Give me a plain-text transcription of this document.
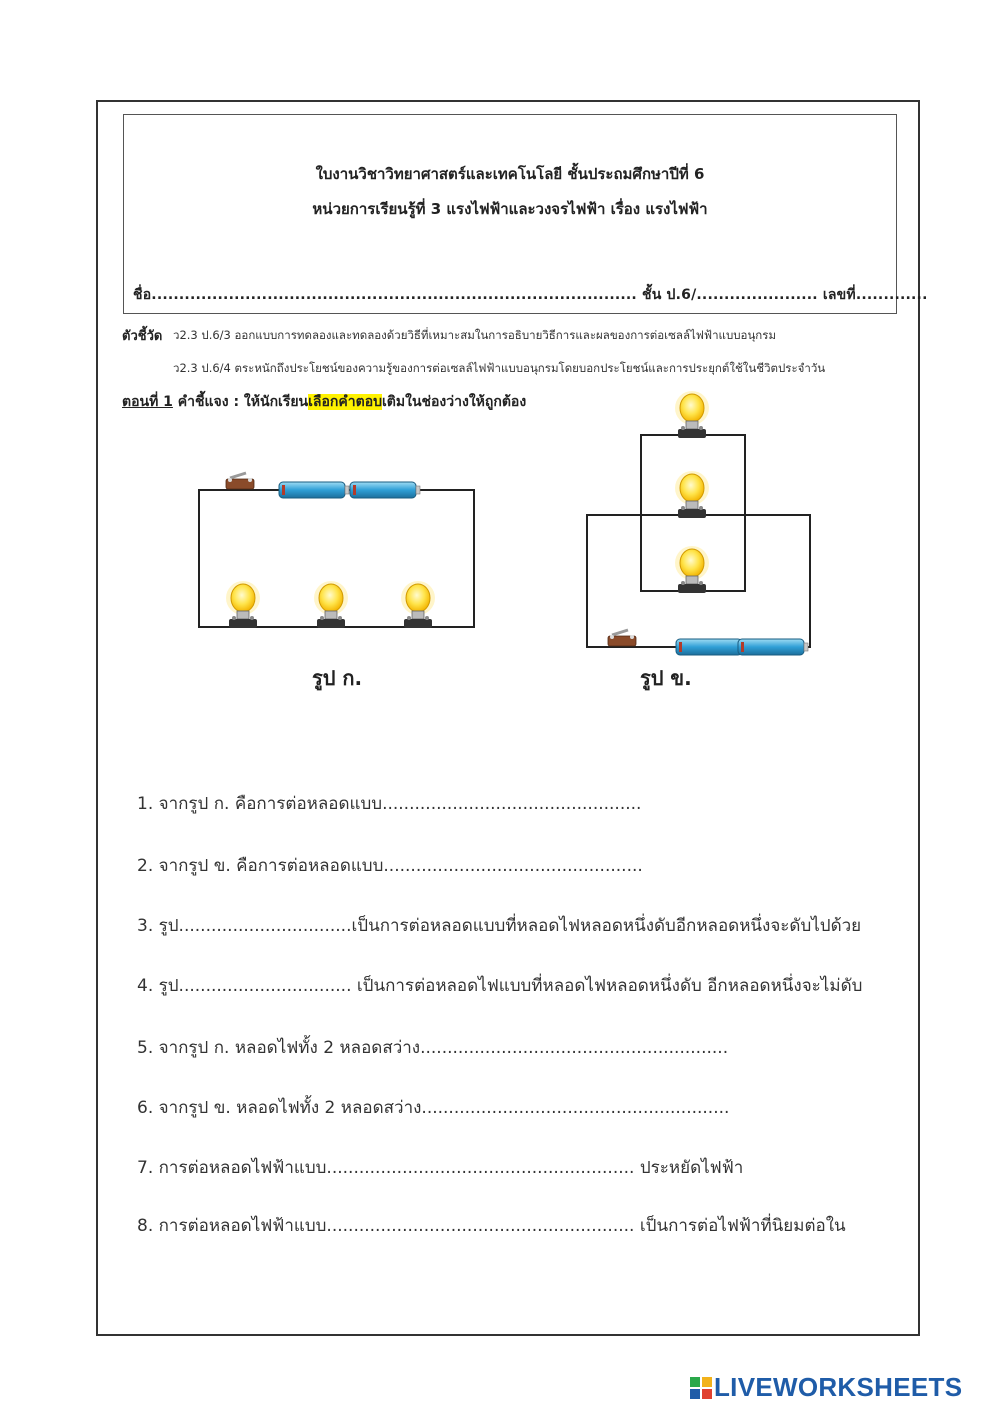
ใบงานวิชาวิทยาศาสตร์และเทคโนโลยี ชั้นประถมศึกษาปีที่ 6
หน่วยการเรียนรู้ที่ 3 แรงไฟฟ้าและวงจรไฟฟ้า เรื่อง แรงไฟฟ้า
ชื่อ........................................................................................ ชั้น ป.6/...................... เลขที่.............
ตัวชี้วัด ว2.3 ป.6/3 ออกแบบการทดลองและทดลองด้วยวิธีที่เหมาะสมในการอธิบายวิธีการและผลของการต่อเซลล์ไฟฟ้าแบบอนุกรม
ว2.3 ป.6/4 ตระหนักถึงประโยชน์ของความรู้ของการต่อเซลล์ไฟฟ้าแบบอนุกรมโดยบอกประโยชน์และการประยุกต์ใช้ในชีวิตประจำวัน
ตอนที่ 1 คำชี้แจง : ให้นักเรียนเลือกคำตอบเติมในช่องว่างให้ถูกต้อง
รูป ก.	รูป ข.
1. จากรูป ก. คือการต่อหลอดแบบ................................................
2. จากรูป ข. คือการต่อหลอดแบบ................................................
3. รูป................................เป็นการต่อหลอดแบบที่หลอดไฟหลอดหนึ่งดับอีกหลอดหนึ่งจะดับไปด้วย
4. รูป................................ เป็นการต่อหลอดไฟแบบที่หลอดไฟหลอดหนึ่งดับ อีกหลอดหนึ่งจะไม่ดับ
5. จากรูป ก. หลอดไฟทั้ง 2 หลอดสว่าง.........................................................
6. จากรูป ข. หลอดไฟทั้ง 2 หลอดสว่าง.........................................................
7. การต่อหลอดไฟฟ้าแบบ......................................................... ประหยัดไฟฟ้า
8. การต่อหลอดไฟฟ้าแบบ......................................................... เป็นการต่อไฟฟ้าที่นิยมต่อใน
LIVEWORKSHEETS
